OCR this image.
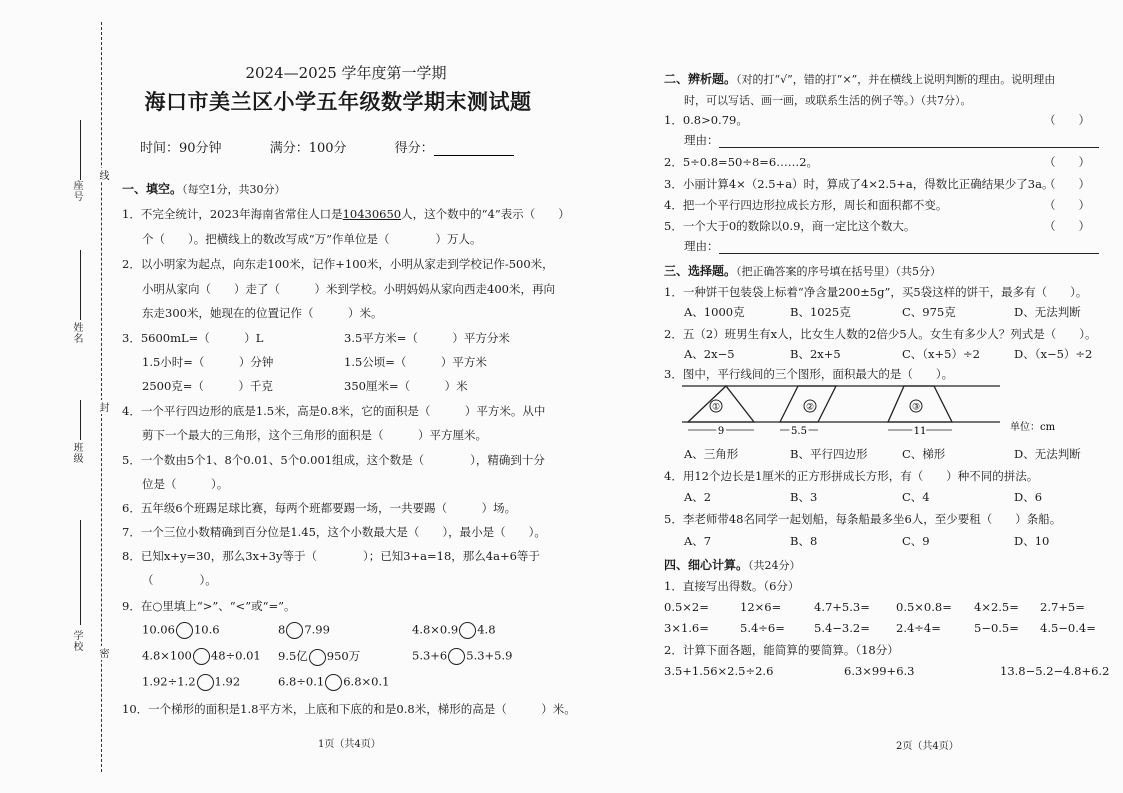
座号
姓名
班级
学校
线
封
密
2024—2025 学年度第一学期
海口市美兰区小学五年级数学期末测试题
时间：90分钟	满分：100分	得分：
一、填空。（每空1分，共30分）
1．不完全统计，2023年海南省常住人口是10430650人，这个数中的“4”表示（　　）
个（　　）。把横线上的数改写成“万”作单位是（　　　　）万人。
2．以小明家为起点，向东走100米，记作+100米，小明从家走到学校记作-500米，
小明从家向（　　）走了（　　　）米到学校。小明妈妈从家向西走400米，再向
东走300米，她现在的位置记作（　　　）米。
3．5600mL=（　　　）L	3.5平方米=（　　　）平方分米
1.5小时=（　　　）分钟	1.5公顷=（　　　）平方米
2500克=（　　　）千克	350厘米=（　　　）米
4．一个平行四边形的底是1.5米，高是0.8米，它的面积是（　　　）平方米。从中
剪下一个最大的三角形，这个三角形的面积是（　　　）平方厘米。
5．一个数由5个1、8个0.01、5个0.001组成，这个数是（　　　　），精确到十分
位是（　　　）。
6．五年级6个班踢足球比赛，每两个班都要踢一场，一共要踢（　　　）场。
7．一个三位小数精确到百分位是1.45，这个小数最大是（　　），最小是（　　）。
8．已知x+y=30，那么3x+3y等于（　　　　）；已知3+a=18，那么4a+6等于
（　　　　）。
9．在○里填上“>”、“<”或“=”。
10.06 10.6	8 7.99	4.8×0.9 4.8
4.8×100 48÷0.01 9.5亿 950万	5.3+6 5.3+5.9
1.92÷1.2 1.92	6.8÷0.1 6.8×0.1
10．一个梯形的面积是1.8平方米，上底和下底的和是0.8米，梯形的高是（　　　）米。
1页（共4页）
二、辨析题。（对的打“√”，错的打“×”，并在横线上说明判断的理由。说明理由
时，可以写话、画一画，或联系生活的例子等。）（共7分）。
1．0.8>0.79。	（　　）
理由：
2．5÷0.8=50÷8=6……2。	（　　）
3．小丽计算4×（2.5+a）时，算成了4×2.5+a，得数比正确结果少了3a。
（　　）
4．把一个平行四边形拉成长方形，周长和面积都不变。	（　　）
5．一个大于0的数除以0.9，商一定比这个数大。	（　　）
理由：
三、选择题。（把正确答案的序号填在括号里）（共5分）
1．一种饼干包装袋上标着“净含量200±5g”，买5袋这样的饼干，最多有（　　）。
A、1000克	B、1025克	C、975克	D、无法判断
2．五（2）班男生有x人，比女生人数的2倍少5人。女生有多少人？列式是（　　）。
A、2x−5	B、2x+5	C、（x+5）÷2	D、（x−5）÷2
3．图中，平行线间的三个图形，面积最大的是（　　）。
A、三角形	B、平行四边形	C、梯形	D、无法判断
4．用12个边长是1厘米的正方形拼成长方形，有（　　）种不同的拼法。
A、2	B、3	C、4	D、6
5．李老师带48名同学一起划船，每条船最多坐6人，至少要租（　　）条船。
A、7	B、8	C、9	D、10
四、细心计算。（共24分）
1．直接写出得数。（6分）
0.5×2=	12×6=	4.7+5.3= 0.5×0.8= 4×2.5= 2.7+5=
3×1.6=	5.4÷6=	5.4−3.2= 2.4÷4=	5−0.5= 4.5−0.4=
2．计算下面各题，能简算的要简算。（18分）
3.5+1.56×2.5÷2.6	6.3×99+6.3	13.8−5.2−4.8+6.2
2页（共4页）
①	②	③
9	5.5	11	单位：cm
